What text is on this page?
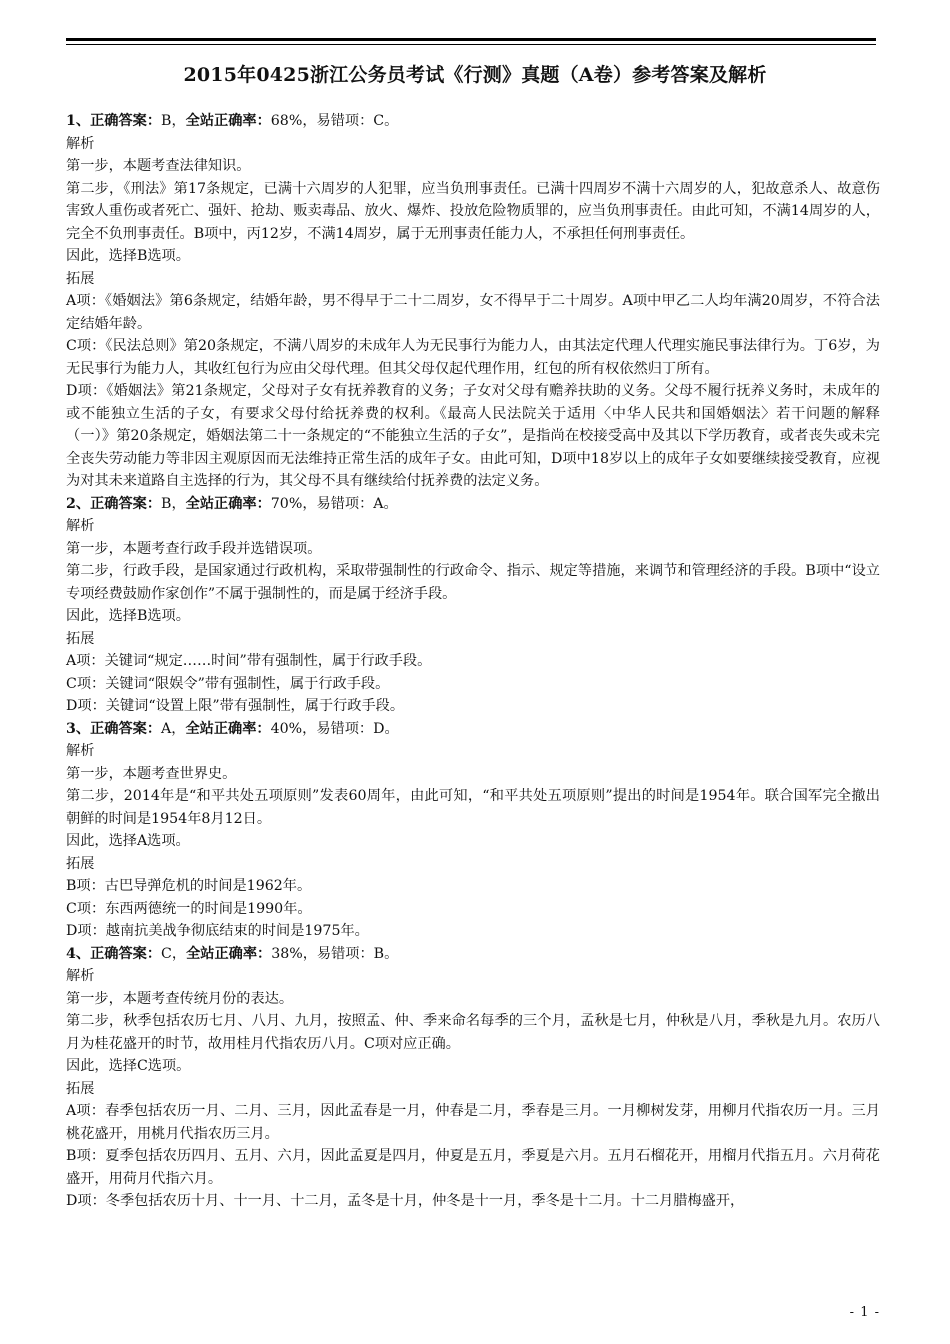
2015年0425浙江公务员考试《行测》真题（A卷）参考答案及解析

1、正确答案：B，全站正确率：68%，易错项：C。

解析

第一步，本题考查法律知识。

第二步，《刑法》第17条规定，已满十六周岁的人犯罪，应当负刑事责任。已满十四周岁不满十六周岁的人，犯故意杀人、故意伤害致人重伤或者死亡、强奸、抢劫、贩卖毒品、放火、爆炸、投放危险物质罪的，应当负刑事责任。由此可知，不满14周岁的人，完全不负刑事责任。B项中，丙12岁，不满14周岁，属于无刑事责任能力人，不承担任何刑事责任。

因此，选择B选项。

拓展

A项：《婚姻法》第6条规定，结婚年龄，男不得早于二十二周岁，女不得早于二十周岁。A项中甲乙二人均年满20周岁，不符合法定结婚年龄。

C项：《民法总则》第20条规定，不满八周岁的未成年人为无民事行为能力人，由其法定代理人代理实施民事法律行为。丁6岁，为无民事行为能力人，其收红包行为应由父母代理。但其父母仅起代理作用，红包的所有权依然归丁所有。

D项：《婚姻法》第21条规定，父母对子女有抚养教育的义务；子女对父母有赡养扶助的义务。父母不履行抚养义务时，未成年的或不能独立生活的子女，有要求父母付给抚养费的权利。《最高人民法院关于适用〈中华人民共和国婚姻法〉若干问题的解释（一）》第20条规定，婚姻法第二十一条规定的“不能独立生活的子女”，是指尚在校接受高中及其以下学历教育，或者丧失或未完全丧失劳动能力等非因主观原因而无法维持正常生活的成年子女。由此可知，D项中18岁以上的成年子女如要继续接受教育，应视为对其未来道路自主选择的行为，其父母不具有继续给付抚养费的法定义务。

2、正确答案：B，全站正确率：70%，易错项：A。

解析

第一步，本题考查行政手段并选错误项。

第二步，行政手段，是国家通过行政机构，采取带强制性的行政命令、指示、规定等措施，来调节和管理经济的手段。B项中“设立专项经费鼓励作家创作”不属于强制性的，而是属于经济手段。

因此，选择B选项。

拓展

A项：关键词“规定……时间”带有强制性，属于行政手段。

C项：关键词“限娱令”带有强制性，属于行政手段。

D项：关键词“设置上限”带有强制性，属于行政手段。

3、正确答案：A，全站正确率：40%，易错项：D。

解析

第一步，本题考查世界史。

第二步，2014年是“和平共处五项原则”发表60周年，由此可知，“和平共处五项原则”提出的时间是1954年。联合国军完全撤出朝鲜的时间是1954年8月12日。

因此，选择A选项。

拓展

B项：古巴导弹危机的时间是1962年。

C项：东西两德统一的时间是1990年。

D项：越南抗美战争彻底结束的时间是1975年。

4、正确答案：C，全站正确率：38%，易错项：B。

解析

第一步，本题考查传统月份的表达。

第二步，秋季包括农历七月、八月、九月，按照孟、仲、季来命名每季的三个月，孟秋是七月，仲秋是八月，季秋是九月。农历八月为桂花盛开的时节，故用桂月代指农历八月。C项对应正确。

因此，选择C选项。

拓展

A项：春季包括农历一月、二月、三月，因此孟春是一月，仲春是二月，季春是三月。一月柳树发芽，用柳月代指农历一月。三月桃花盛开，用桃月代指农历三月。

B项：夏季包括农历四月、五月、六月，因此孟夏是四月，仲夏是五月，季夏是六月。五月石榴花开，用榴月代指五月。六月荷花盛开，用荷月代指六月。

D项：冬季包括农历十月、十一月、十二月，孟冬是十月，仲冬是十一月，季冬是十二月。十二月腊梅盛开，

- 1 -
